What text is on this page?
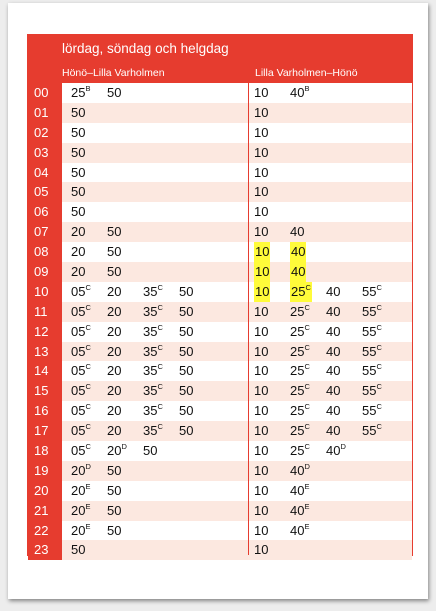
lördag, söndag och helgdag
Hönö–Lilla Varholmen	Lilla Varholmen–Hönö
00	$25^B$ 50	10 $40^B$
01	50	10
02	50	10
03	50	10
04	50	10
05	50	10
06	50	10
07	20 50	10 40
08	20 50	10 40
09	20 50	10 40
10	$05^C$ 20 $35^C$ 50	10 $25^C$ 40 $55^C$
11	$05^C$ 20 $35^C$ 50	10 $25^C$ 40 $55^C$
12	$05^C$ 20 $35^C$ 50	10 $25^C$ 40 $55^C$
13	$05^C$ 20 $35^C$ 50	10 $25^C$ 40 $55^C$
14	$05^C$ 20 $35^C$ 50	10 $25^C$ 40 $55^C$
15	$05^C$ 20 $35^C$ 50	10 $25^C$ 40 $55^C$
16	$05^C$ 20 $35^C$ 50	10 $25^C$ 40 $55^C$
17	$05^C$ 20 $35^C$ 50	10 $25^C$ 40 $55^C$
18	$05^C$ $20^D$ 50	10 $25^C$ $40^D$
19	$20^D$ 50	10 $40^D$
20	$20^E$ 50	10 $40^E$
21	$20^E$ 50	10 $40^E$
22	$20^E$ 50	10 $40^E$
23	50	10
